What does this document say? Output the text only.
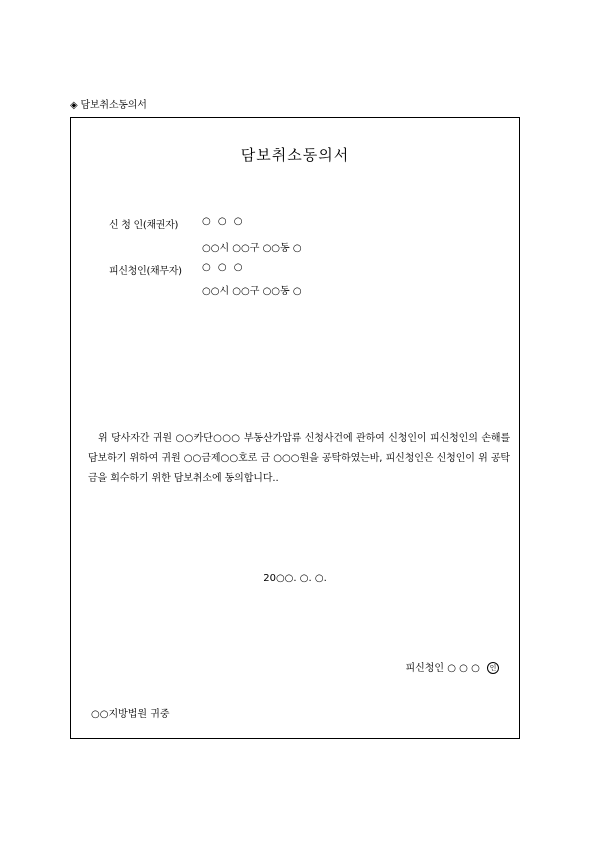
◈ 담보취소동의서
담보취소동의서
신 청 인(채권자) ○ ○ ○
○○시 ○○구 ○○동 ○
피신청인(채무자) ○ ○ ○
○○시 ○○구 ○○동 ○
위 당사자간 귀원 ○○카단○○○ 부동산가압류 신청사건에 관하여 신청인이 피신청인의 손해를 담보하기 위하여 귀원 ○○금제○○호로 금 ○○○원을 공탁하였는바, 피신청인은 신청인이 위 공탁금을 회수하기 위한 담보취소에 동의합니다..
20○○. ○. ○.
피신청인 ○ ○ ○ 인
○○지방법원 귀중
